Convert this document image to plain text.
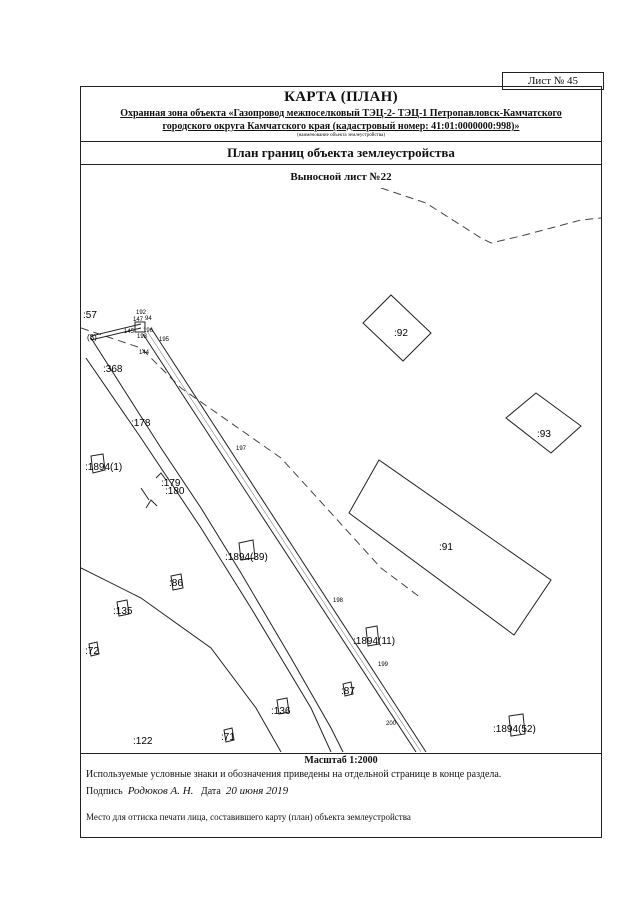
Лист № 45
КАРТА (ПЛАН)
Охранная зона объекта «Газопровод межпоселковый ТЭЦ-2- ТЭЦ-1 Петропавловск-Камчатского
городского округа Камчатского края (кадастровый номер: 41:01:0000000:998)»
(наименование объекта землеустройства)
План границ объекта землеустройства
Выносной лист №22
:92
:93
:91
:1894(39)
:1894(11)
:1894(52)
:1894(1)
:368
:178
:179
:180
:86
:135
:72
:87
:136
:122	:71
:57
(8)
192
147 94
145 196
193 195
144
197
198
199
200
Масштаб 1:2000
Используемые условные знаки и обозначения приведены на отдельной странице в конце раздела.
Подпись Родюков А. Н. Дата 20 июня 2019
Место для оттиска печати лица, составившего карту (план) объекта землеустройства
